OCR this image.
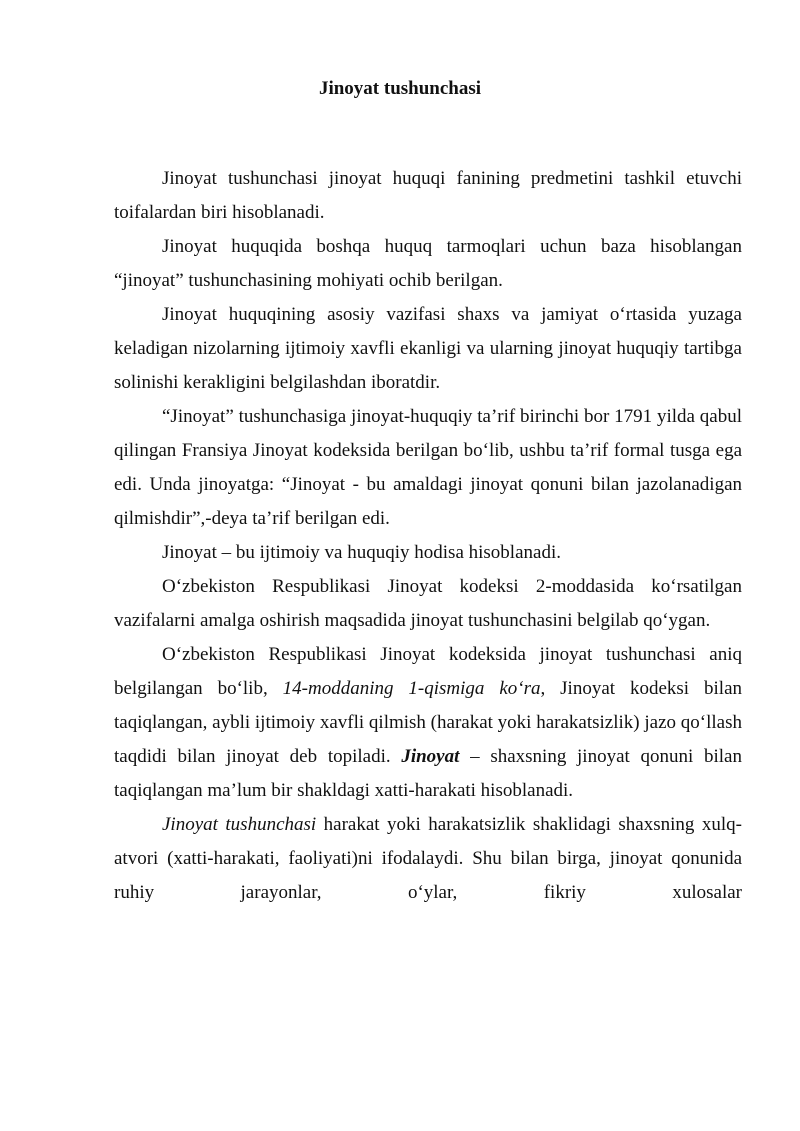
Jinoyat tushunchasi

Jinoyat tushunchasi jinoyat huquqi fanining predmetini tashkil etuvchi toifalardan biri hisoblanadi.

Jinoyat huquqida boshqa huquq tarmoqlari uchun baza hisoblangan “jinoyat” tushunchasining mohiyati ochib berilgan.

Jinoyat huquqining asosiy vazifasi shaxs va jamiyat o‘rtasida yuzaga keladigan nizolarning ijtimoiy xavfli ekanligi va ularning jinoyat huquqiy tartibga solinishi kerakligini belgilashdan iboratdir.

“Jinoyat” tushunchasiga jinoyat-huquqiy ta’rif birinchi bor 1791 yilda qabul qilingan Fransiya Jinoyat kodeksida berilgan bo‘lib, ushbu ta’rif formal tusga ega edi. Unda jinoyatga: “Jinoyat - bu amaldagi jinoyat qonuni bilan jazolanadigan qilmishdir”,-deya ta’rif berilgan edi.

Jinoyat – bu ijtimoiy va huquqiy hodisa hisoblanadi.

O‘zbekiston Respublikasi Jinoyat kodeksi 2-moddasida ko‘rsatilgan vazifalarni amalga oshirish maqsadida jinoyat tushunchasini belgilab qo‘ygan.

O‘zbekiston Respublikasi Jinoyat kodeksida jinoyat tushunchasi aniq belgilangan bo‘lib, 14-moddaning 1-qismiga ko‘ra, Jinoyat kodeksi bilan taqiqlangan, aybli ijtimoiy xavfli qilmish (harakat yoki harakatsizlik) jazo qo‘llash taqdidi bilan jinoyat deb topiladi. Jinoyat – shaxsning jinoyat qonuni bilan taqiqlangan ma’lum bir shakldagi xatti-harakati hisoblanadi.

Jinoyat tushunchasi harakat yoki harakatsizlik shaklidagi shaxsning xulq-atvori (xatti-harakati, faoliyati)ni ifodalaydi. Shu bilan birga, jinoyat qonunida ruhiy jarayonlar, o‘ylar, fikriy xulosalar
